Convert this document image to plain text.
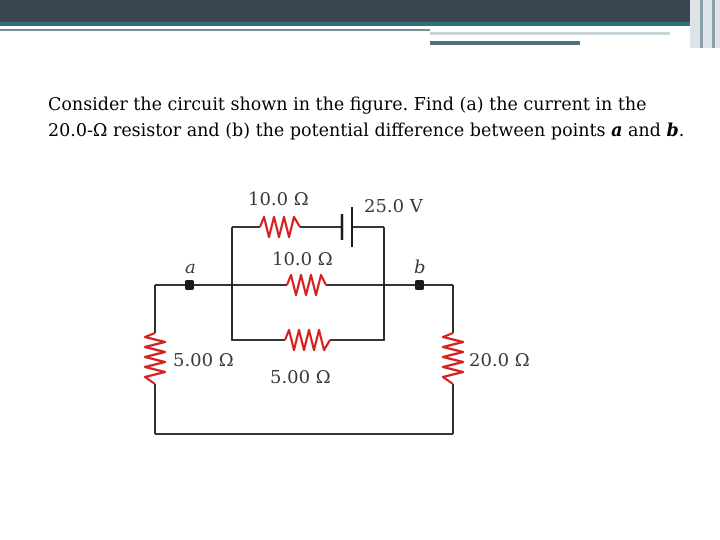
Consider the circuit shown in the figure. Find (a) the current in the

20.0-Ω resistor and (b) the potential difference between points a and b.

10.0 Ω	25.0 V
10.0 Ω
5.00 Ω
5.00 Ω	20.0 Ω
a	b
